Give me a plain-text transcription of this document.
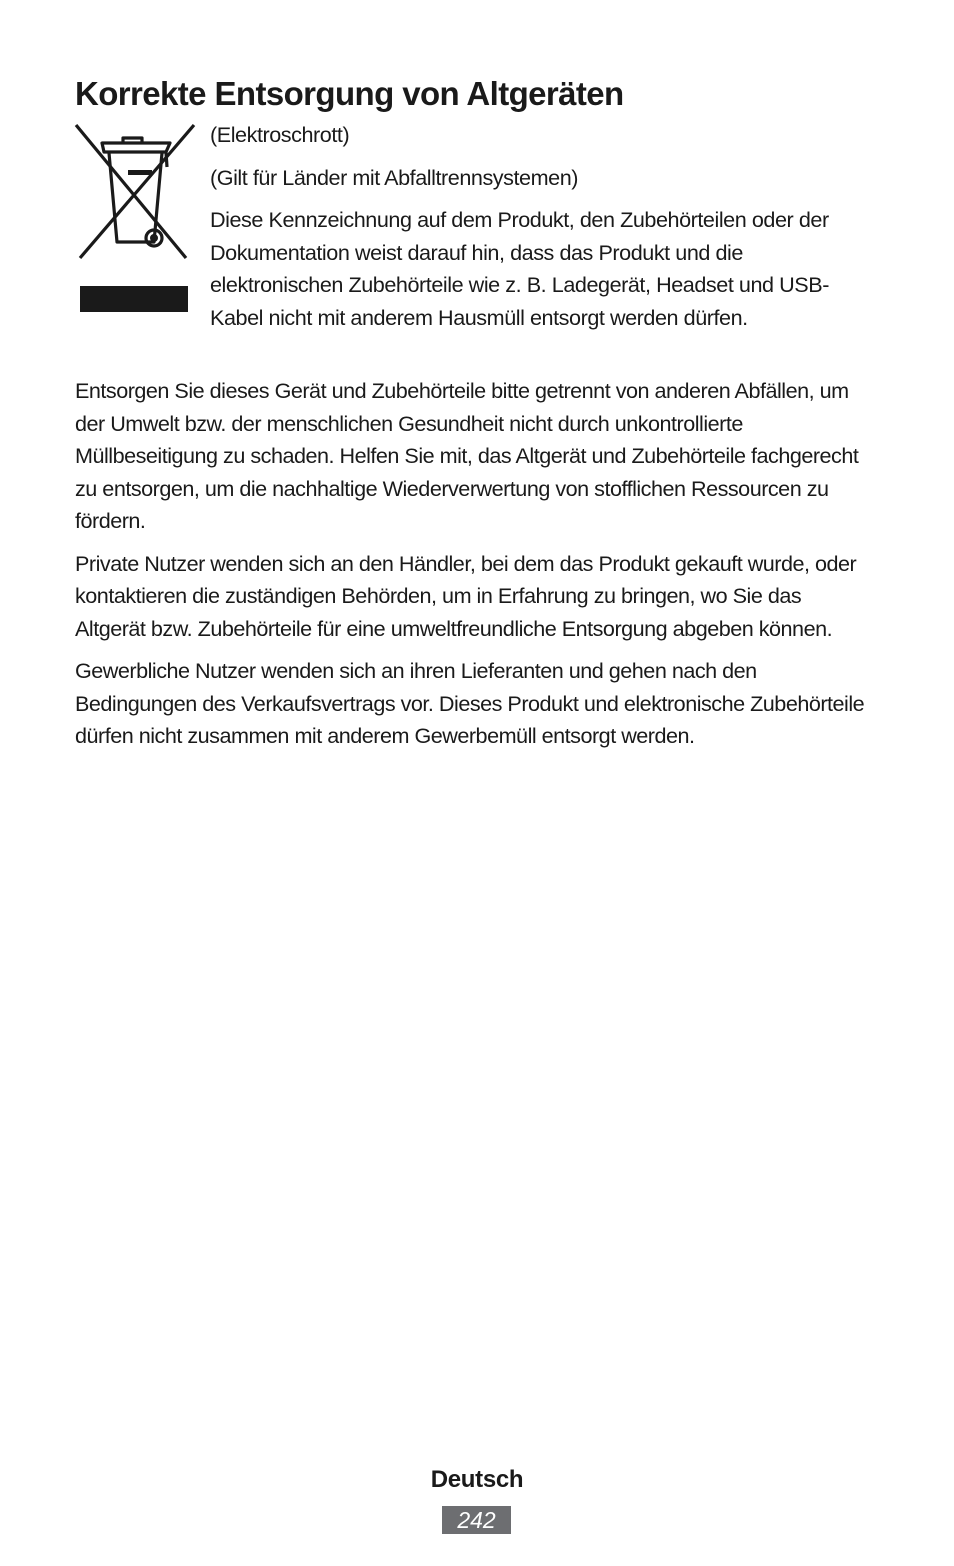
Korrekte Entsorgung von Altgeräten

(Elektroschrott)

(Gilt für Länder mit Abfalltrennsystemen)

Diese Kennzeichnung auf dem Produkt, den Zubehörteilen oder der Dokumentation weist darauf hin, dass das Produkt und die elektronischen Zubehörteile wie z. B. Ladegerät, Headset und USB-Kabel nicht mit anderem Hausmüll entsorgt werden dürfen.

Entsorgen Sie dieses Gerät und Zubehörteile bitte getrennt von anderen Abfällen, um der Umwelt bzw. der menschlichen Gesundheit nicht durch unkontrollierte Müllbeseitigung zu schaden. Helfen Sie mit, das Altgerät und Zubehörteile fachgerecht zu entsorgen, um die nachhaltige Wiederverwertung von stofflichen Ressourcen zu fördern.

Private Nutzer wenden sich an den Händler, bei dem das Produkt gekauft wurde, oder kontaktieren die zuständigen Behörden, um in Erfahrung zu bringen, wo Sie das Altgerät bzw. Zubehörteile für eine umweltfreundliche Entsorgung abgeben können.

Gewerbliche Nutzer wenden sich an ihren Lieferanten und gehen nach den Bedingungen des Verkaufsvertrags vor. Dieses Produkt und elektronische Zubehörteile dürfen nicht zusammen mit anderem Gewerbemüll entsorgt werden.

Deutsch
242
